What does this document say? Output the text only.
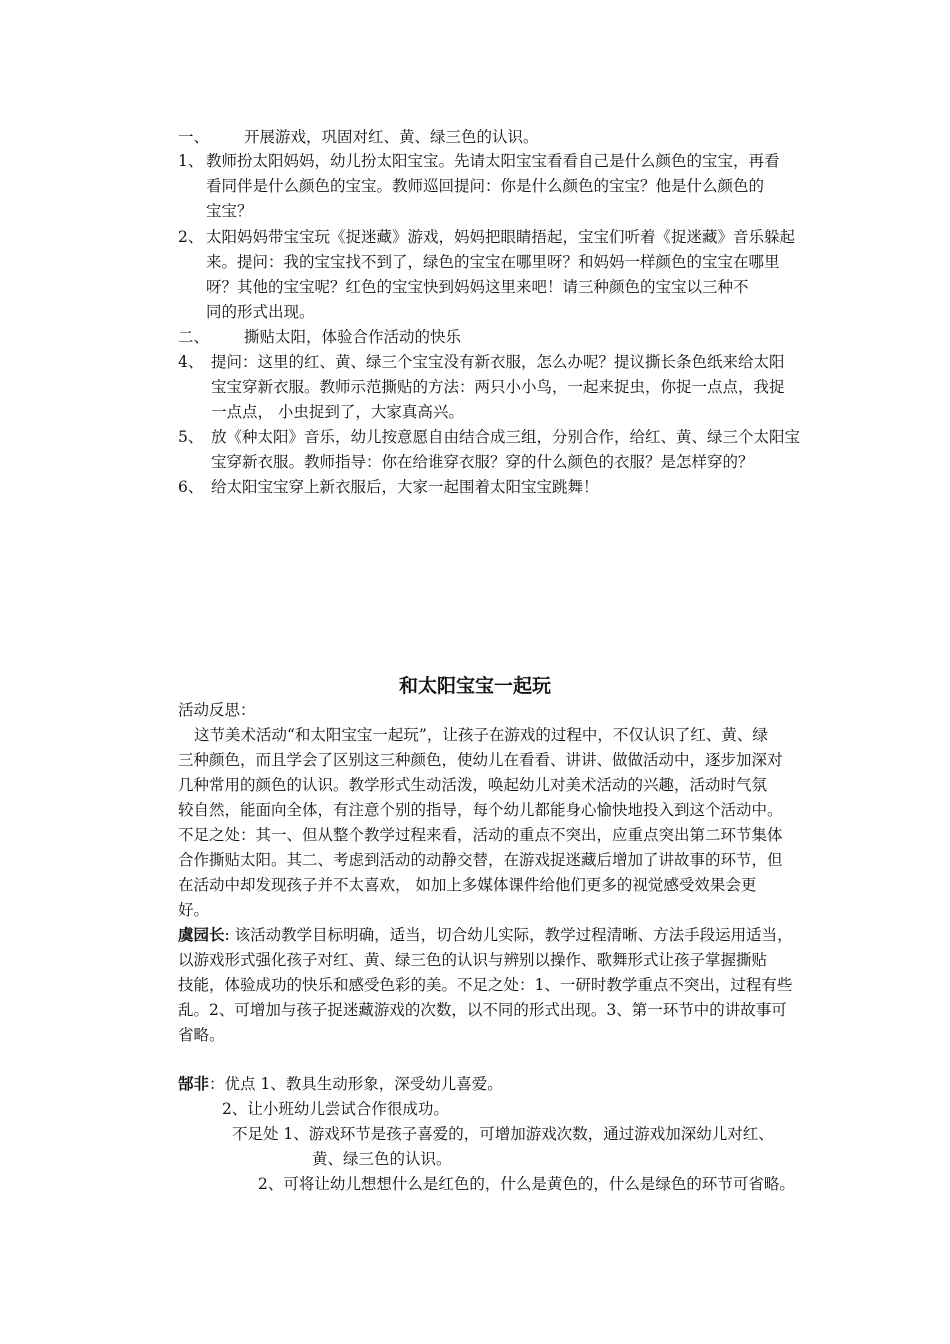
一、 开展游戏，巩固对红、黄、绿三色的认识。
1、 教师扮太阳妈妈，幼儿扮太阳宝宝。先请太阳宝宝看看自己是什么颜色的宝宝，再看
看同伴是什么颜色的宝宝。教师巡回提问：你是什么颜色的宝宝？他是什么颜色的
宝宝？
2、 太阳妈妈带宝宝玩《捉迷藏》游戏，妈妈把眼睛捂起，宝宝们听着《捉迷藏》音乐躲起
来。提问：我的宝宝找不到了，绿色的宝宝在哪里呀？和妈妈一样颜色的宝宝在哪里
呀？其他的宝宝呢？红色的宝宝快到妈妈这里来吧！请三种颜色的宝宝以三种不
同的形式出现。
二、 撕贴太阳，体验合作活动的快乐
4、 提问：这里的红、黄、绿三个宝宝没有新衣服，怎么办呢？提议撕长条色纸来给太阳
宝宝穿新衣服。教师示范撕贴的方法：两只小小鸟，一起来捉虫，你捉一点点，我捉
一点点， 小虫捉到了，大家真高兴。
5、 放《种太阳》音乐，幼儿按意愿自由结合成三组，分别合作，给红、黄、绿三个太阳宝
宝穿新衣服。教师指导：你在给谁穿衣服？穿的什么颜色的衣服？是怎样穿的？
6、 给太阳宝宝穿上新衣服后，大家一起围着太阳宝宝跳舞！
和太阳宝宝一起玩
活动反思：
这节美术活动“和太阳宝宝一起玩”，让孩子在游戏的过程中，不仅认识了红、黄、绿
三种颜色，而且学会了区别这三种颜色，使幼儿在看看、讲讲、做做活动中，逐步加深对
几种常用的颜色的认识。教学形式生动活泼，唤起幼儿对美术活动的兴趣，活动时气氛
较自然，能面向全体，有注意个别的指导，每个幼儿都能身心愉快地投入到这个活动中。
不足之处：其一、但从整个教学过程来看，活动的重点不突出，应重点突出第二环节集体
合作撕贴太阳。其二、考虑到活动的动静交替，在游戏捉迷藏后增加了讲故事的环节，但
在活动中却发现孩子并不太喜欢， 如加上多媒体课件给他们更多的视觉感受效果会更
好。
虞园长: 该活动教学目标明确，适当，切合幼儿实际，教学过程清晰、方法手段运用适当，
以游戏形式强化孩子对红、黄、绿三色的认识与辨别以操作、歌舞形式让孩子掌握撕贴
技能，体验成功的快乐和感受色彩的美。不足之处：1、一研时教学重点不突出，过程有些
乱。2、可增加与孩子捉迷藏游戏的次数，以不同的形式出现。3、第一环节中的讲故事可
省略。
郜非：优点 1、教具生动形象，深受幼儿喜爱。
2、让小班幼儿尝试合作很成功。
不足处 1、游戏环节是孩子喜爱的，可增加游戏次数，通过游戏加深幼儿对红、
黄、绿三色的认识。
2、可将让幼儿想想什么是红色的，什么是黄色的，什么是绿色的环节可省略。
